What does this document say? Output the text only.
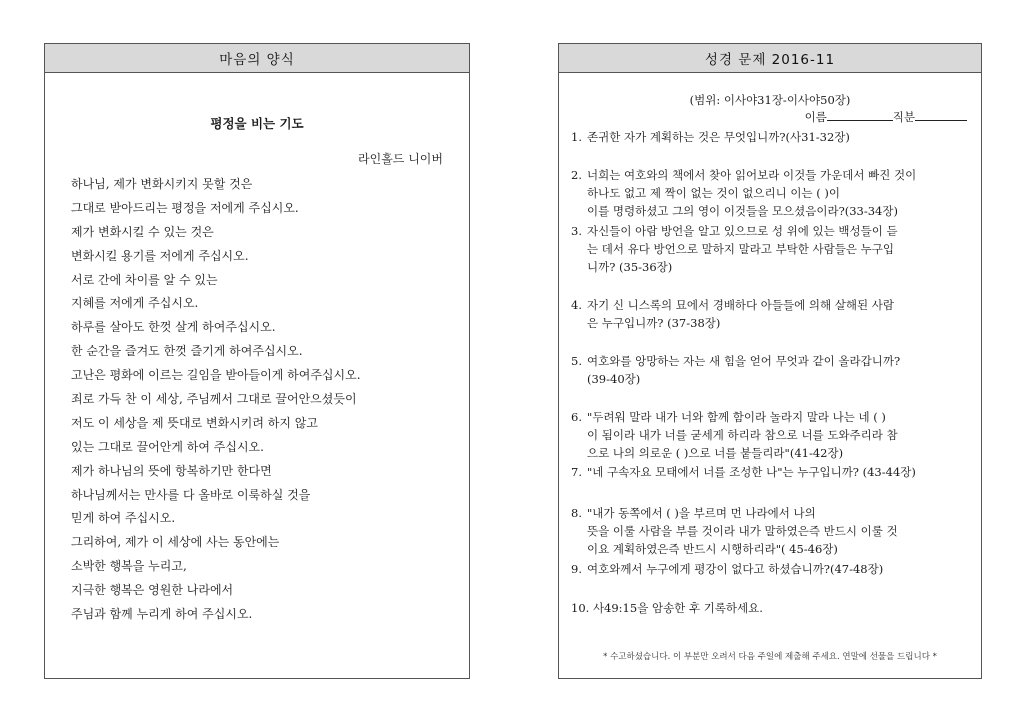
마음의 양식
평정을 비는 기도
라인홀드 니이버
하나님, 제가 변화시키지 못할 것은
그대로 받아드리는 평정을 저에게 주십시오.
제가 변화시킬 수 있는 것은
변화시킬 용기를 저에게 주십시오.
서로 간에 차이를 알 수 있는
지혜를 저에게 주십시오.
하루를 살아도 한껏 살게 하여주십시오.
한 순간을 즐겨도 한껏 즐기게 하여주십시오.
고난은 평화에 이르는 길임을 받아들이게 하여주십시오.
죄로 가득 찬 이 세상, 주님께서 그대로 끌어안으셨듯이
저도 이 세상을 제 뜻대로 변화시키려 하지 않고
있는 그대로 끌어안게 하여 주십시오.
제가 하나님의 뜻에 항복하기만 한다면
하나님께서는 만사를 다 올바로 이룩하실 것을
믿게 하여 주십시오.
그리하여, 제가 이 세상에 사는 동안에는
소박한 행복을 누리고,
지극한 행복은 영원한 나라에서
주님과 함께 누리게 하여 주십시오.
성경 문제 2016-11
(범위: 이사야31장-이사야50장)
이름	직분
1. 존귀한 자가 계획하는 것은 무엇입니까?(사31-32장)
2. 너희는 여호와의 책에서 찾아 읽어보라 이것들 가운데서 빠진 것이
하나도 없고 제 짝이 없는 것이 없으리니 이는 ( )이
이를 명령하셨고 그의 영이 이것들을 모으셨음이라?(33-34장)
3. 자신들이 아람 방언을 알고 있으므로 성 위에 있는 백성들이 듣
는 데서 유다 방언으로 말하지 말라고 부탁한 사람들은 누구입
니까? (35-36장)
4. 자기 신 니스록의 묘에서 경배하다 아들들에 의해 살해된 사람
은 누구입니까? (37-38장)
5. 여호와를 앙망하는 자는 새 힘을 얻어 무엇과 같이 올라갑니까?
(39-40장)
6. "두려워 말라 내가 너와 함께 함이라 놀라지 말라 나는 네 ( )
이 됨이라 내가 너를 굳세게 하리라 참으로 너를 도와주리라 참
으로 나의 의로운 ( )으로 너를 붙들리라"(41-42장)
7. "네 구속자요 모태에서 너를 조성한 나"는 누구입니까? (43-44장)
8. "내가 동쪽에서 ( )을 부르며 먼 나라에서 나의
뜻을 이룰 사람을 부를 것이라 내가 말하였은즉 반드시 이룰 것
이요 계획하였은즉 반드시 시행하리라"( 45-46장)
9. 여호와께서 누구에게 평강이 없다고 하셨습니까?(47-48장)
10. 사49:15을 암송한 후 기록하세요.
* 수고하셨습니다. 이 부분만 오려서 다음 주일에 제출해 주세요. 연말에 선물을 드립니다 *
